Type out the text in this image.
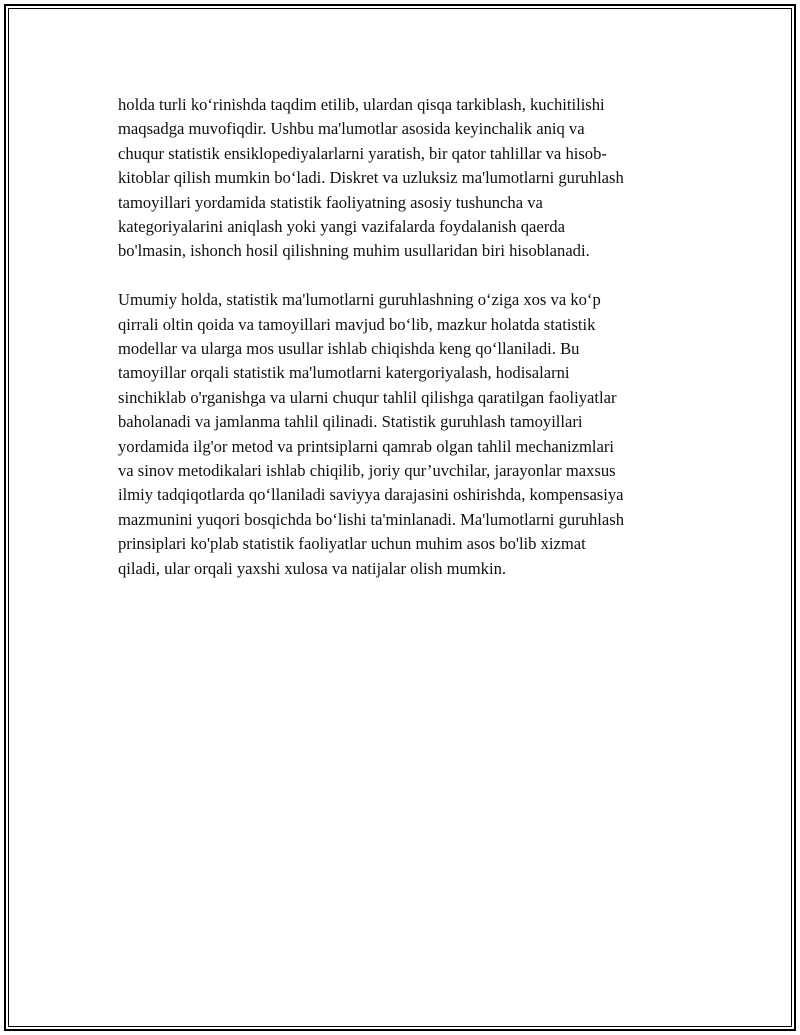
holda turli ko‘rinishda taqdim etilib, ulardan qisqa tarkiblash, kuchitilishi
maqsadga muvofiqdir. Ushbu ma'lumotlar asosida keyinchalik aniq va
chuqur statistik ensiklopediyalarlarni yaratish, bir qator tahlillar va hisob-
kitoblar qilish mumkin bo‘ladi. Diskret va uzluksiz ma'lumotlarni guruhlash
tamoyillari yordamida statistik faoliyatning asosiy tushuncha va
kategoriyalarini aniqlash yoki yangi vazifalarda foydalanish qaerda
bo'lmasin, ishonch hosil qilishning muhim usullaridan biri hisoblanadi.

Umumiy holda, statistik ma'lumotlarni guruhlashning o‘ziga xos va ko‘p
qirrali oltin qoida va tamoyillari mavjud bo‘lib, mazkur holatda statistik
modellar va ularga mos usullar ishlab chiqishda keng qo‘llaniladi. Bu
tamoyillar orqali statistik ma'lumotlarni katergoriyalash, hodisalarni
sinchiklab o'rganishga va ularni chuqur tahlil qilishga qaratilgan faoliyatlar
baholanadi va jamlanma tahlil qilinadi. Statistik guruhlash tamoyillari
yordamida ilg'or metod va printsiplarni qamrab olgan tahlil mechanizmlari
va sinov metodikalari ishlab chiqilib, joriy qur’uvchilar, jarayonlar maxsus
ilmiy tadqiqotlarda qo‘llaniladi saviyya darajasini oshirishda, kompensasiya
mazmunini yuqori bosqichda bo‘lishi ta'minlanadi. Ma'lumotlarni guruhlash
prinsiplari ko'plab statistik faoliyatlar uchun muhim asos bo'lib xizmat
qiladi, ular orqali yaxshi xulosa va natijalar olish mumkin.
